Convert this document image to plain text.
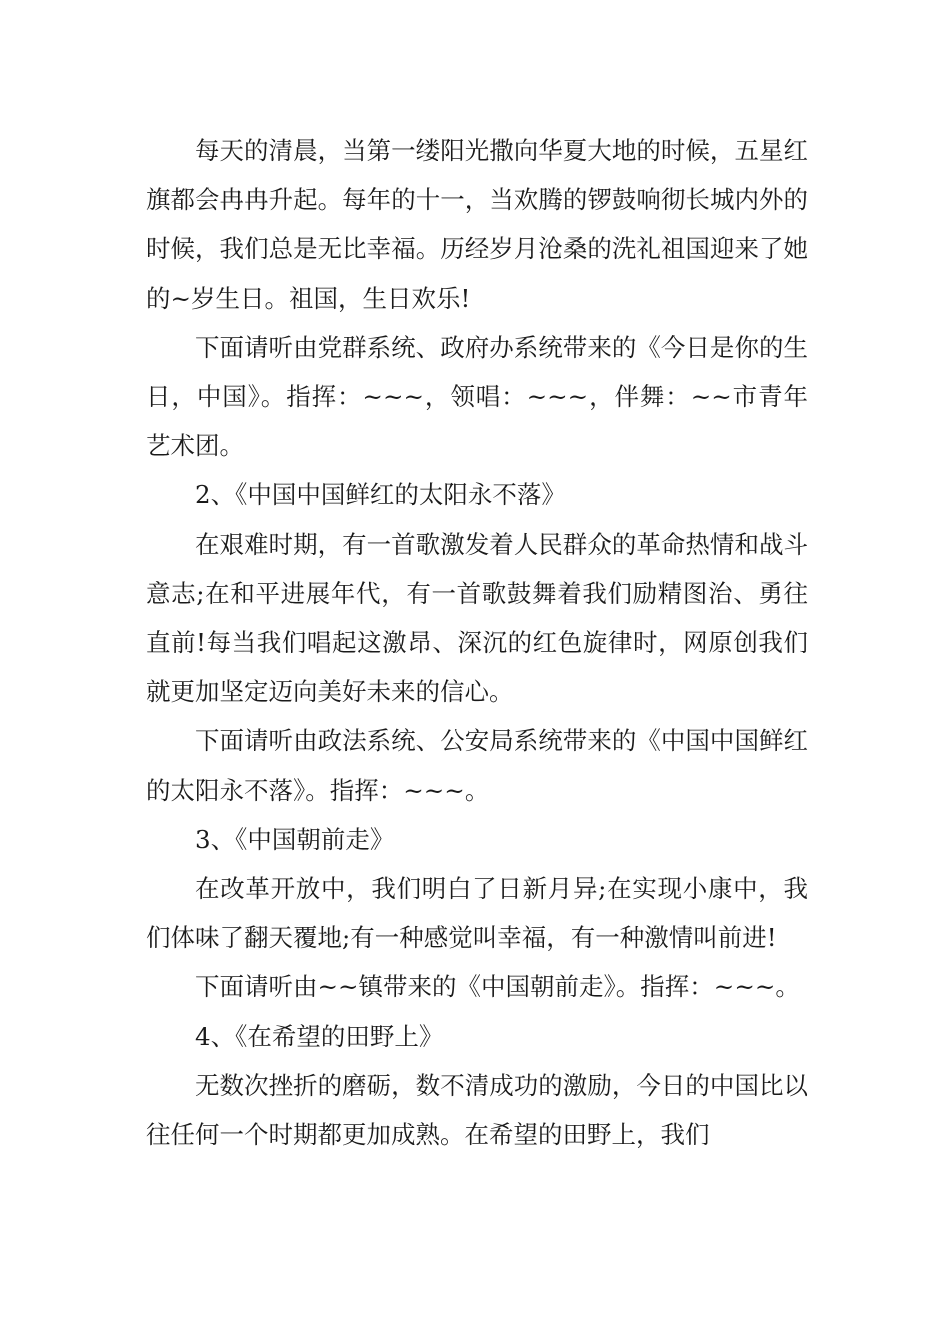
每天的清晨，当第一缕阳光撒向华夏大地的时候，五星红旗都会冉冉升起。每年的十一，当欢腾的锣鼓响彻长城内外的时候，我们总是无比幸福。历经岁月沧桑的洗礼祖国迎来了她的~岁生日。祖国，生日欢乐!

下面请听由党群系统、政府办系统带来的《今日是你的生日，中国》。指挥：~~~，领唱：~~~，伴舞：~~市青年艺术团。

2、《中国中国鲜红的太阳永不落》

在艰难时期，有一首歌激发着人民群众的革命热情和战斗意志;在和平进展年代，有一首歌鼓舞着我们励精图治、勇往直前!每当我们唱起这激昂、深沉的红色旋律时，网原创我们就更加坚定迈向美好未来的信心。

下面请听由政法系统、公安局系统带来的《中国中国鲜红的太阳永不落》。指挥：~~~。

3、《中国朝前走》

在改革开放中，我们明白了日新月异;在实现小康中，我们体味了翻天覆地;有一种感觉叫幸福，有一种激情叫前进!

下面请听由~~镇带来的《中国朝前走》。指挥：~~~。

4、《在希望的田野上》

无数次挫折的磨砺，数不清成功的激励，今日的中国比以往任何一个时期都更加成熟。在希望的田野上，我们
